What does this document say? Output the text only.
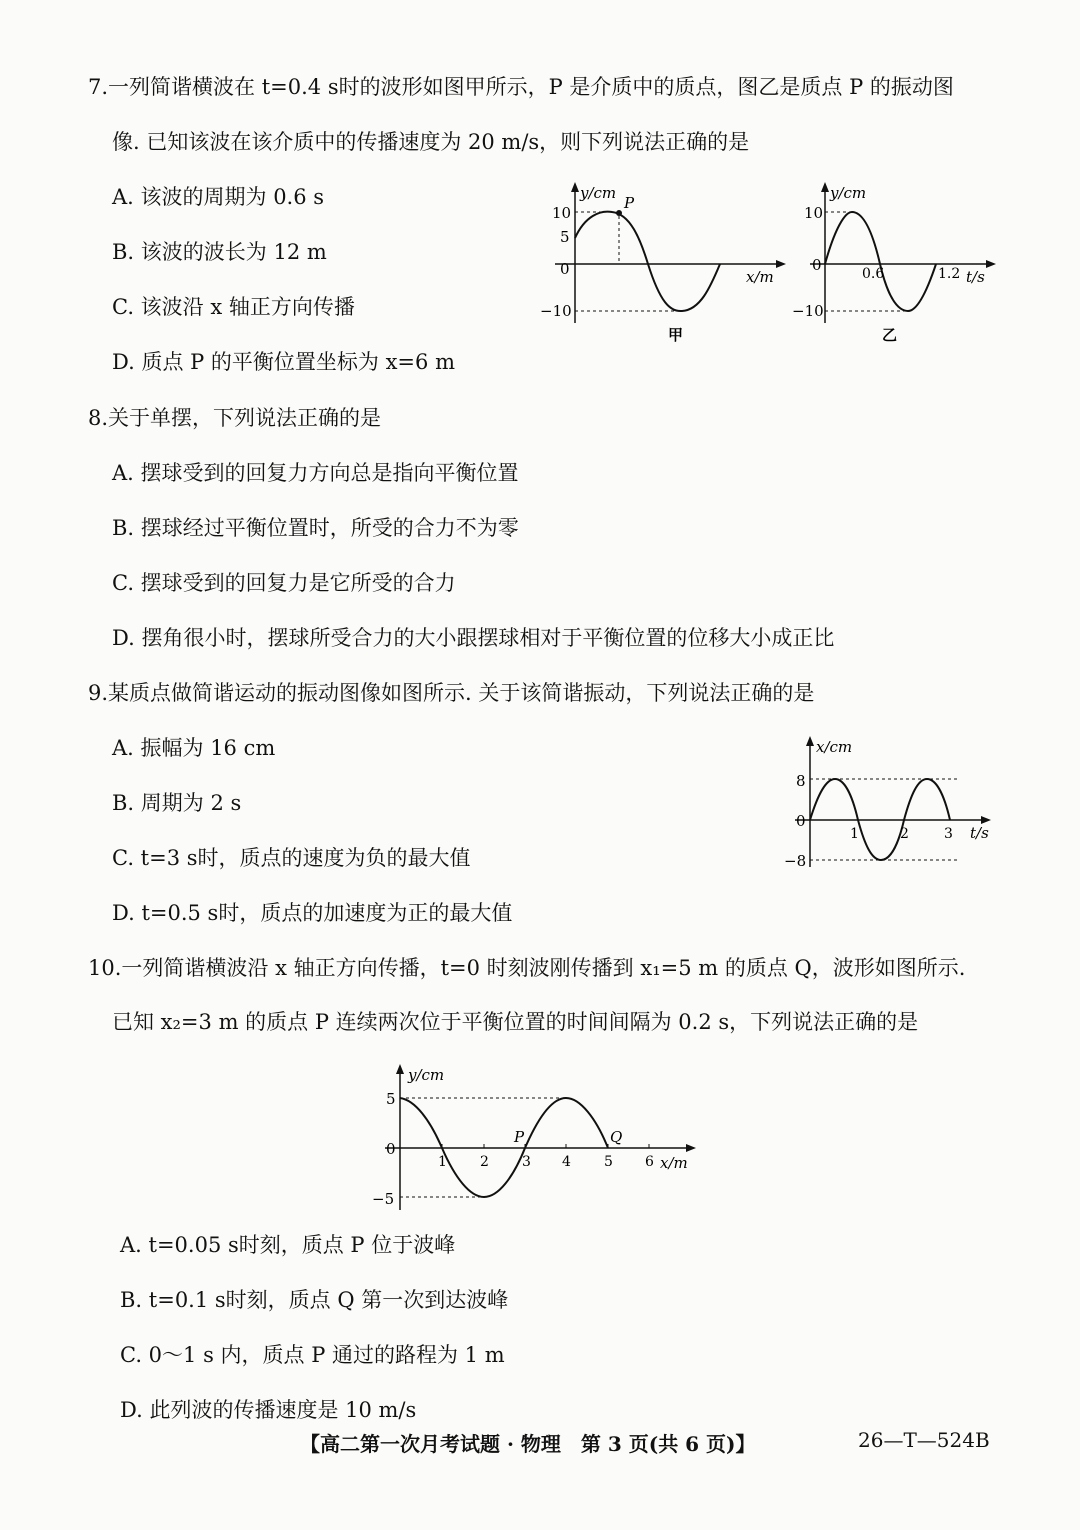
7.一列简谐横波在 t=0.4 s时的波形如图甲所示，P 是介质中的质点，图乙是质点 P 的振动图
像. 已知该波在该介质中的传播速度为 20 m/s，则下列说法正确的是
A. 该波的周期为 0.6 s
B. 该波的波长为 12 m
C. 该波沿 x 轴正方向传播
D. 质点 P 的平衡位置坐标为 x=6 m
y/cm
x/m
10
5
0
−10
P
甲
y/cm
t/s
10
0
−10
0.6	1.2
乙
8.关于单摆，下列说法正确的是
A. 摆球受到的回复力方向总是指向平衡位置
B. 摆球经过平衡位置时，所受的合力不为零
C. 摆球受到的回复力是它所受的合力
D. 摆角很小时，摆球所受合力的大小跟摆球相对于平衡位置的位移大小成正比
9.某质点做简谐运动的振动图像如图所示. 关于该简谐振动，下列说法正确的是
A. 振幅为 16 cm
B. 周期为 2 s
C. t=3 s时，质点的速度为负的最大值
D. t=0.5 s时，质点的加速度为正的最大值
x/cm
t/s
8
0
−8
1	2	3
10.一列简谐横波沿 x 轴正方向传播，t=0 时刻波刚传播到 x₁=5 m 的质点 Q，波形如图所示.
已知 x₂=3 m 的质点 P 连续两次位于平衡位置的时间间隔为 0.2 s，下列说法正确的是
y/cm
x/m
5
0
−5
1 2 3 4 5 6
P	Q
A. t=0.05 s时刻，质点 P 位于波峰
B. t=0.1 s时刻，质点 Q 第一次到达波峰
C. 0～1 s 内，质点 P 通过的路程为 1 m
D. 此列波的传播速度是 10 m/s
【高二第一次月考试题 · 物理　第 3 页(共 6 页)】	26—T—524B
